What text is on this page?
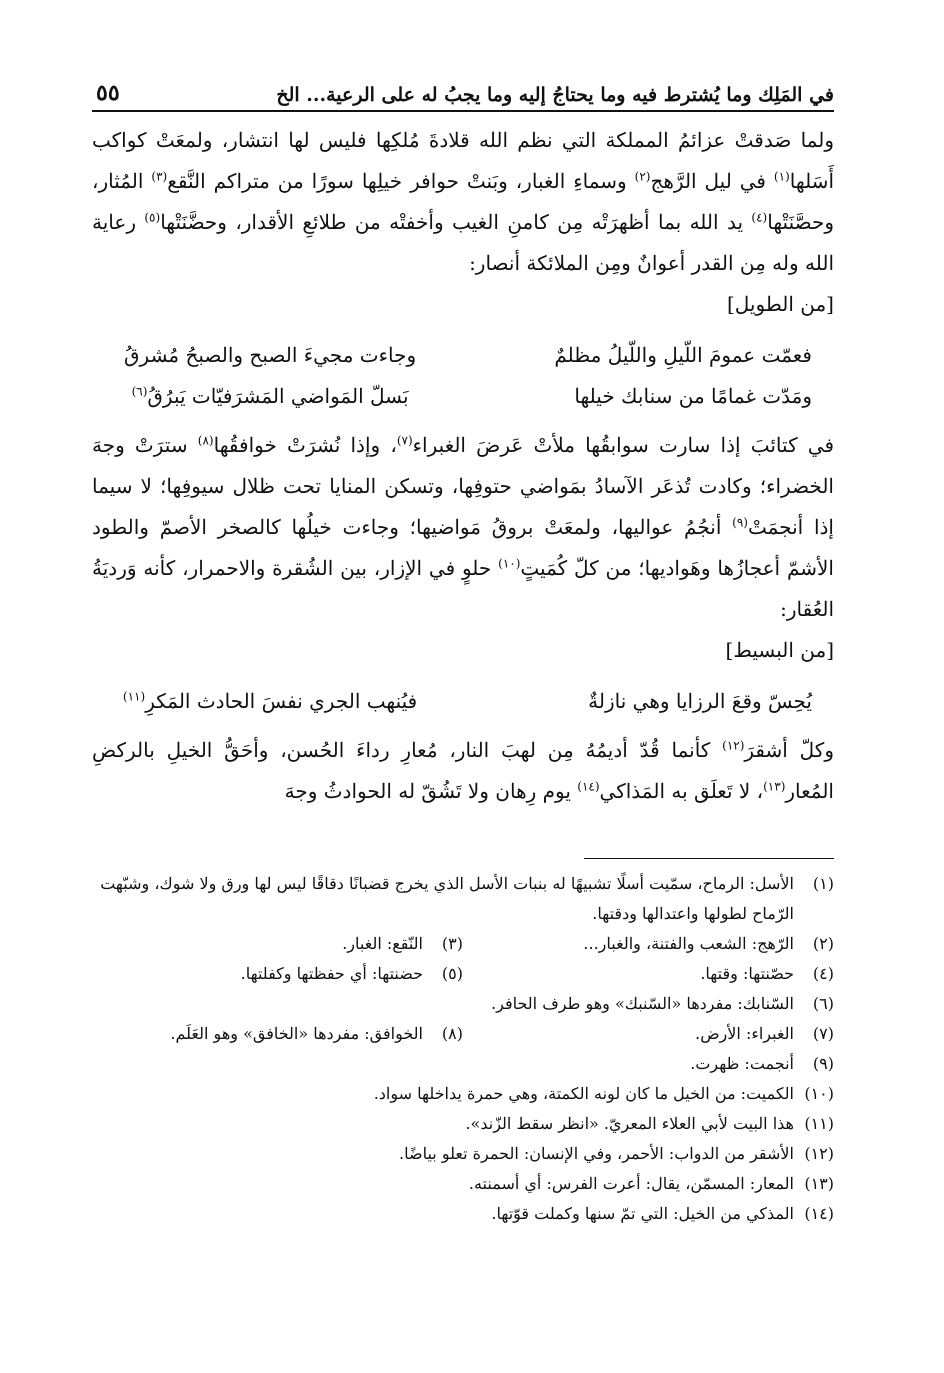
في المَلِك وما يُشترط فيه وما يحتاجُ إليه وما يجبُ له على الرعية... الخ
٥٥

ولما صَدقتْ عزائمُ المملكة التي نظم الله قلادةَ مُلكِها فليس لها انتشار، ولمعَتْ كواكب أَسَلها$^{(١)}$ في ليل الرَّهج$^{(٢)}$ وسماءِ الغبار، وبَنتْ حوافر خيلِها سورًا من متراكم النَّقع$^{(٣)}$ المُثار، وحصَّنَتْها$^{(٤)}$ يد الله بما أظهرَتْه مِن كامنِ الغيب وأخفتْه من طلائعِ الأقدار، وحضَّنَتْها$^{(٥)}$ رعاية الله وله مِن القدر أعوانٌ ومِن الملائكة أنصار:

[من الطويل]

فعمّت عمومَ اللّيلِ واللّيلُ مظلمٌ
وجاءت مجيءَ الصبح والصبحُ مُشرقُ
ومَدّت غمامًا من سنابك خيلها
بَسلّ المَواضي المَشرَفيّات يَبرُقُ$^{(٦)}$

في كتائبَ إذا سارت سوابقُها ملأتْ عَرضَ الغبراء$^{(٧)}$، وإذا نُشرَتْ خوافقُها$^{(٨)}$ سترَتْ وجهَ الخضراء؛ وكادت تُذعَر الآسادُ بمَواضي حتوفِها، وتسكن المنايا تحت ظلال سيوفِها؛ لا سيما إذا أنجمَتْ$^{(٩)}$ أنجُمُ عواليها، ولمعَتْ بروقُ مَواضيها؛ وجاءت خيلُها كالصخر الأصمّ والطود الأشمّ أعجازُها وهَواديها؛ من كلّ كُمَيتٍ$^{(١٠)}$ حلوٍ في الإزار، بين الشُقرة والاحمرار، كأنه وَرديَةُ العُقار:

[من البسيط]

يُحِسّ وقعَ الرزايا وهي نازلةٌ
فيُنهب الجري نفسَ الحادث المَكرِ$^{(١١)}$

وكلّ أشقرَ$^{(١٢)}$ كأنما قُدّ أديمُهُ مِن لهبَ النار، مُعارِ رداءَ الحُسن، وأحَقُّ الخيلِ بالركضِ المُعار$^{(١٣)}$، لا تَعلَق به المَذاكي$^{(١٤)}$ يوم رِهان ولا تَشُقّ له الحوادثُ وجهَ

(١)
الأسل: الرماح، سمّيت أسلًا تشبيهًا له بنبات الأسل الذي يخرج قضبانًا دقاقًا ليس لها ورق ولا شوك، وشبّهت الرّماح لطولها واعتدالها ودقتها.
(٢)
الرّهج: الشعب والفتنة، والغبار...
(٣)
النّقع: الغبار.
(٤)
حصّنتها: وقتها.
(٥)
حضنتها: أي حفظتها وكفلتها.
(٦)
السّنابك: مفردها «السّنبك» وهو طرف الحافر.
(٧)
الغبراء: الأرض.
(٨)
الخوافق: مفردها «الخافق» وهو العَلَم.
(٩)
أنجمت: ظهرت.
(١٠)
الكميت: من الخيل ما كان لونه الكمتة، وهي حمرة يداخلها سواد.
(١١)
هذا البيت لأبي العلاء المعريّ. «انظر سقط الزّند».
(١٢)
الأشقر من الدواب: الأحمر، وفي الإنسان: الحمرة تعلو بياضًا.
(١٣)
المعار: المسمّن، يقال: أعرت الفرس: أي أسمنته.
(١٤)
المذكي من الخيل: التي تمّ سنها وكملت قوّتها.
